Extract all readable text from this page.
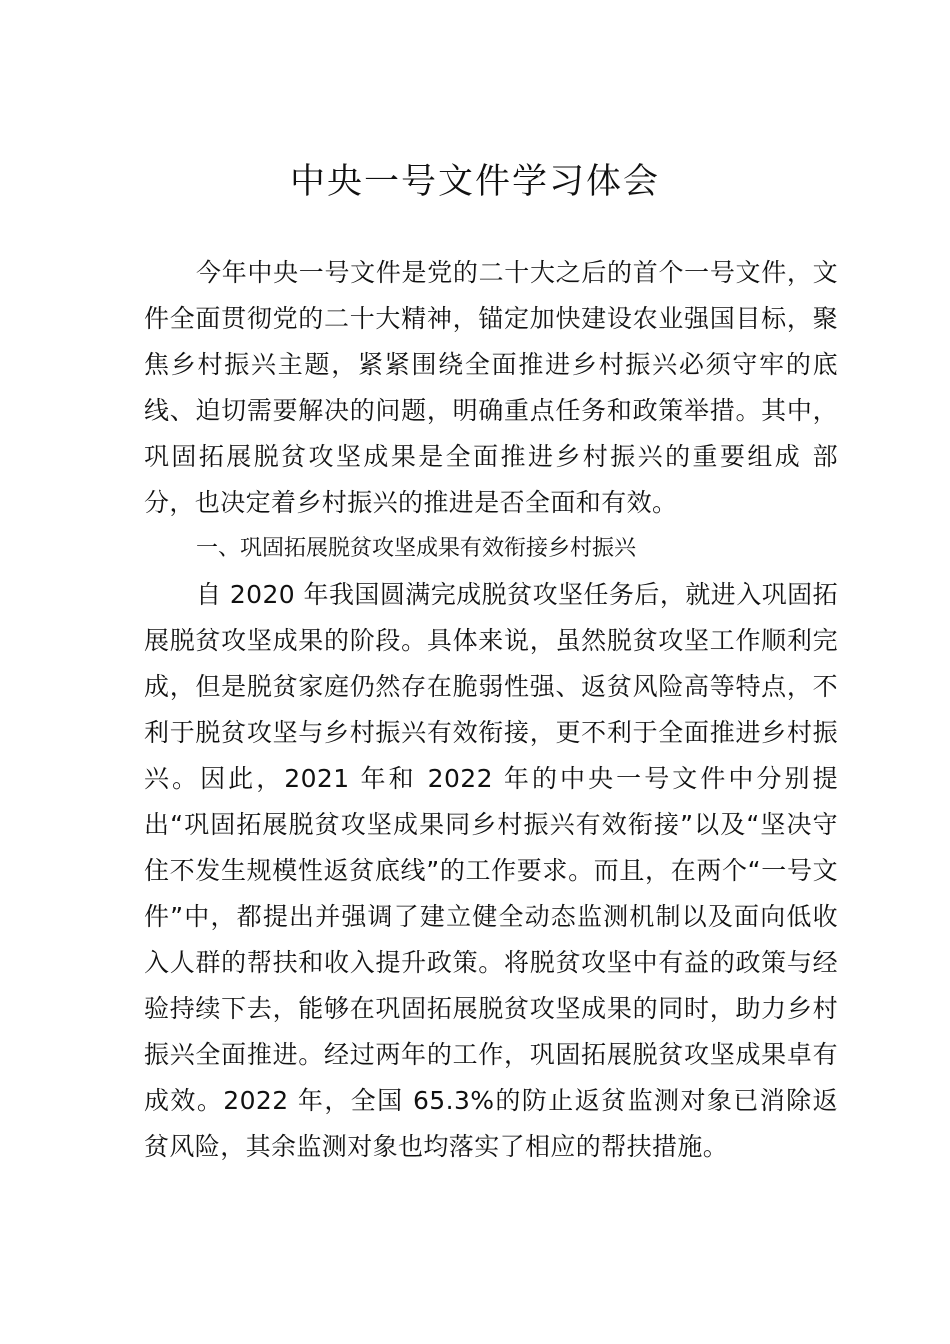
中央一号文件学习体会

今年中央一号文件是党的二十大之后的首个一号文件，文件全面贯彻党的二十大精神，锚定加快建设农业强国目标，聚焦乡村振兴主题，紧紧围绕全面推进乡村振兴必须守牢的底线、迫切需要解决的问题，明确重点任务和政策举措。其中，巩固拓展脱贫攻坚成果是全面推进乡村振兴的重要组成 部分，也决定着乡村振兴的推进是否全面和有效。

一、巩固拓展脱贫攻坚成果有效衔接乡村振兴

自 2020 年我国圆满完成脱贫攻坚任务后，就进入巩固拓展脱贫攻坚成果的阶段。具体来说，虽然脱贫攻坚工作顺利完成，但是脱贫家庭仍然存在脆弱性强、返贫风险高等特点，不利于脱贫攻坚与乡村振兴有效衔接，更不利于全面推进乡村振兴。因此，2021 年和 2022 年的中央一号文件中分别提出“巩固拓展脱贫攻坚成果同乡村振兴有效衔接”以及“坚决守住不发生规模性返贫底线”的工作要求。而且，在两个“一号文件”中，都提出并强调了建立健全动态监测机制以及面向低收入人群的帮扶和收入提升政策。将脱贫攻坚中有益的政策与经验持续下去，能够在巩固拓展脱贫攻坚成果的同时，助力乡村振兴全面推进。经过两年的工作，巩固拓展脱贫攻坚成果卓有成效。2022 年，全国 65.3%的防止返贫监测对象已消除返贫风险，其余监测对象也均落实了相应的帮扶措施。
